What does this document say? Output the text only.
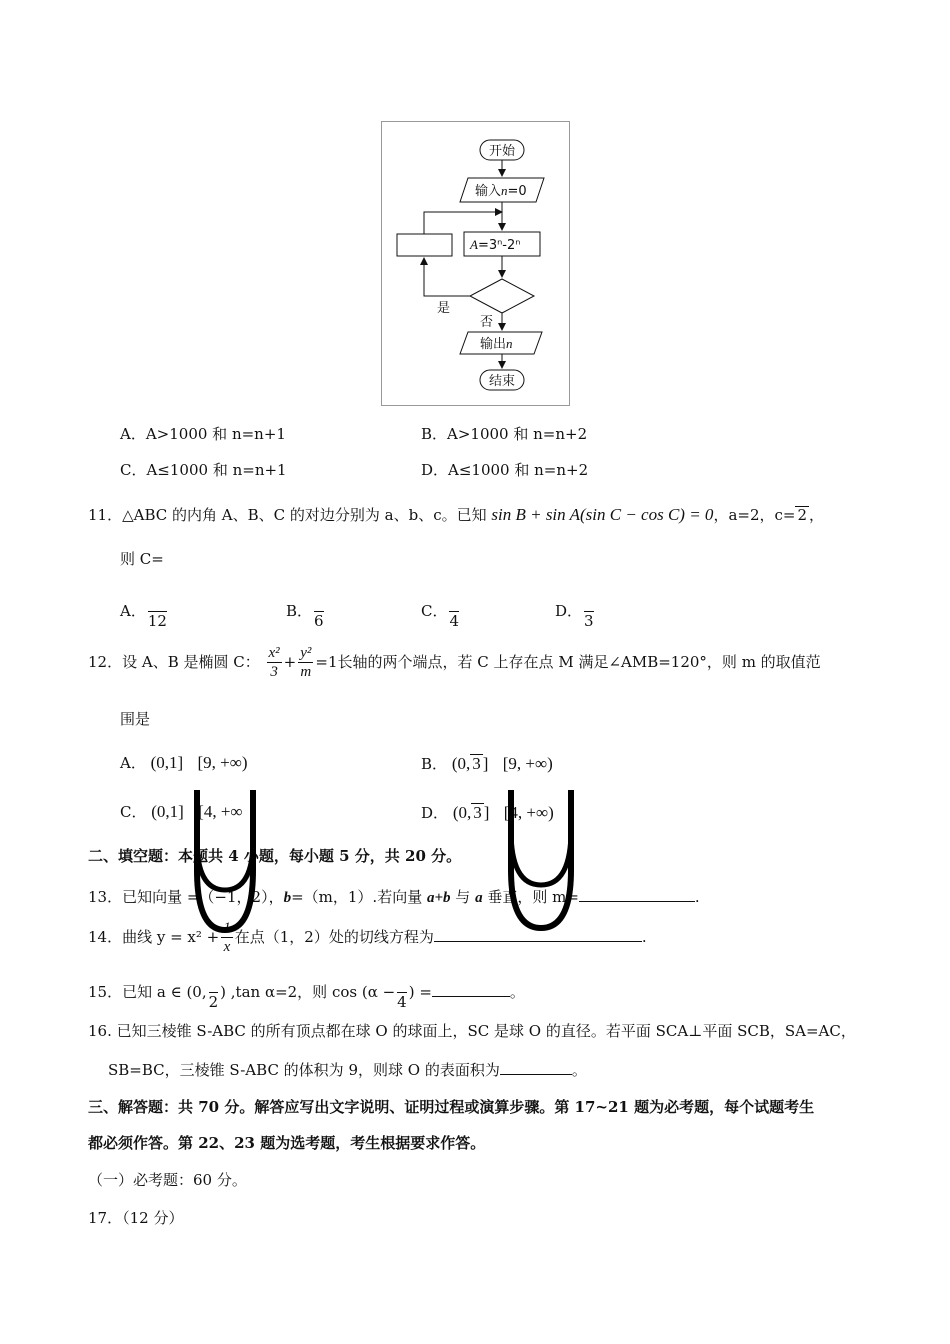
开始
输入n=0
A=3ⁿ-2ⁿ
是
否
输出n
结束
A．A>1000 和 n=n+1	B．A>1000 和 n=n+2
C．A≤1000 和 n=n+1	D．A≤1000 和 n=n+2
11．△ABC 的内角 A、B、C 的对边分别为 a、b、c。已知 sin B + sin A(sin C − cos C) = 0，a=2，c= 2 ，
则 C=
A．
12
B．
6
C．
4
D．
3
12．设 A、B 是椭圆 C： $\frac{\text{x²}}{3} + \frac{\text{y²}}{m} =1$长轴的两个端点，若 C 上存在点 M 满足∠AMB=120°，则 m 的取值范
围是
A． (0,1] [9, +∞)	B． (0, 3 ] [9, +∞)
C． (0,1] [4, +∞	D． (0, 3 ] [4, +∞)
二、填空题：本题共 4 小题，每小题 5 分，共 20 分。
13．已知向量 =（−1，2），b=（m，1）.若向量 a+b 与 a 垂直，则 m=	.
14．曲线 $y = x^2 + \frac{1}{x}$ 在点（1，2）处的切线方程为	.
15．已知 a ∈ (0,
2
) ,tan α=2，则 cos (α −
4
) =	。
16. 已知三棱锥 S-ABC 的所有顶点都在球 O 的球面上，SC 是球 O 的直径。若平面 SCA⊥平面 SCB，SA=AC，
SB=BC，三棱锥 S-ABC 的体积为 9，则球 O 的表面积为	。
三、解答题：共 70 分。解答应写出文字说明、证明过程或演算步骤。第 17~21 题为必考题，每个试题考生
都必须作答。第 22、23 题为选考题，考生根据要求作答。
（一）必考题：60 分。
17．（12 分）
